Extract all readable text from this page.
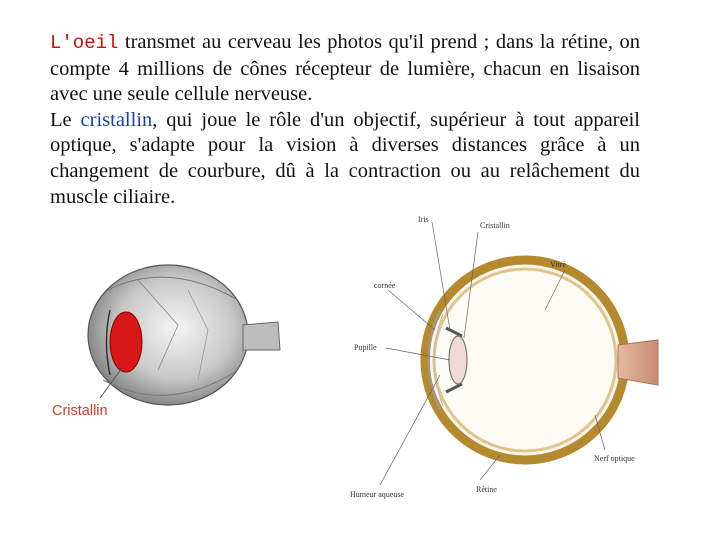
L'oeil transmet au cerveau les photos qu'il prend ; dans la rétine, on compte 4 millions de cônes récepteur de lumière, chacun en lisaison avec une seule cellule nerveuse.

Le cristallin, qui joue le rôle d'un objectif, supérieur à tout appareil optique, s'adapte pour la vision à diverses distances grâce à un changement de courbure, dû à la contraction ou au relâchement du muscle ciliaire.

Cristallin
Iris
Cristallin
Vitré
cornée
Pupille
Nerf optique
Humeur aqueuse
Rétine
